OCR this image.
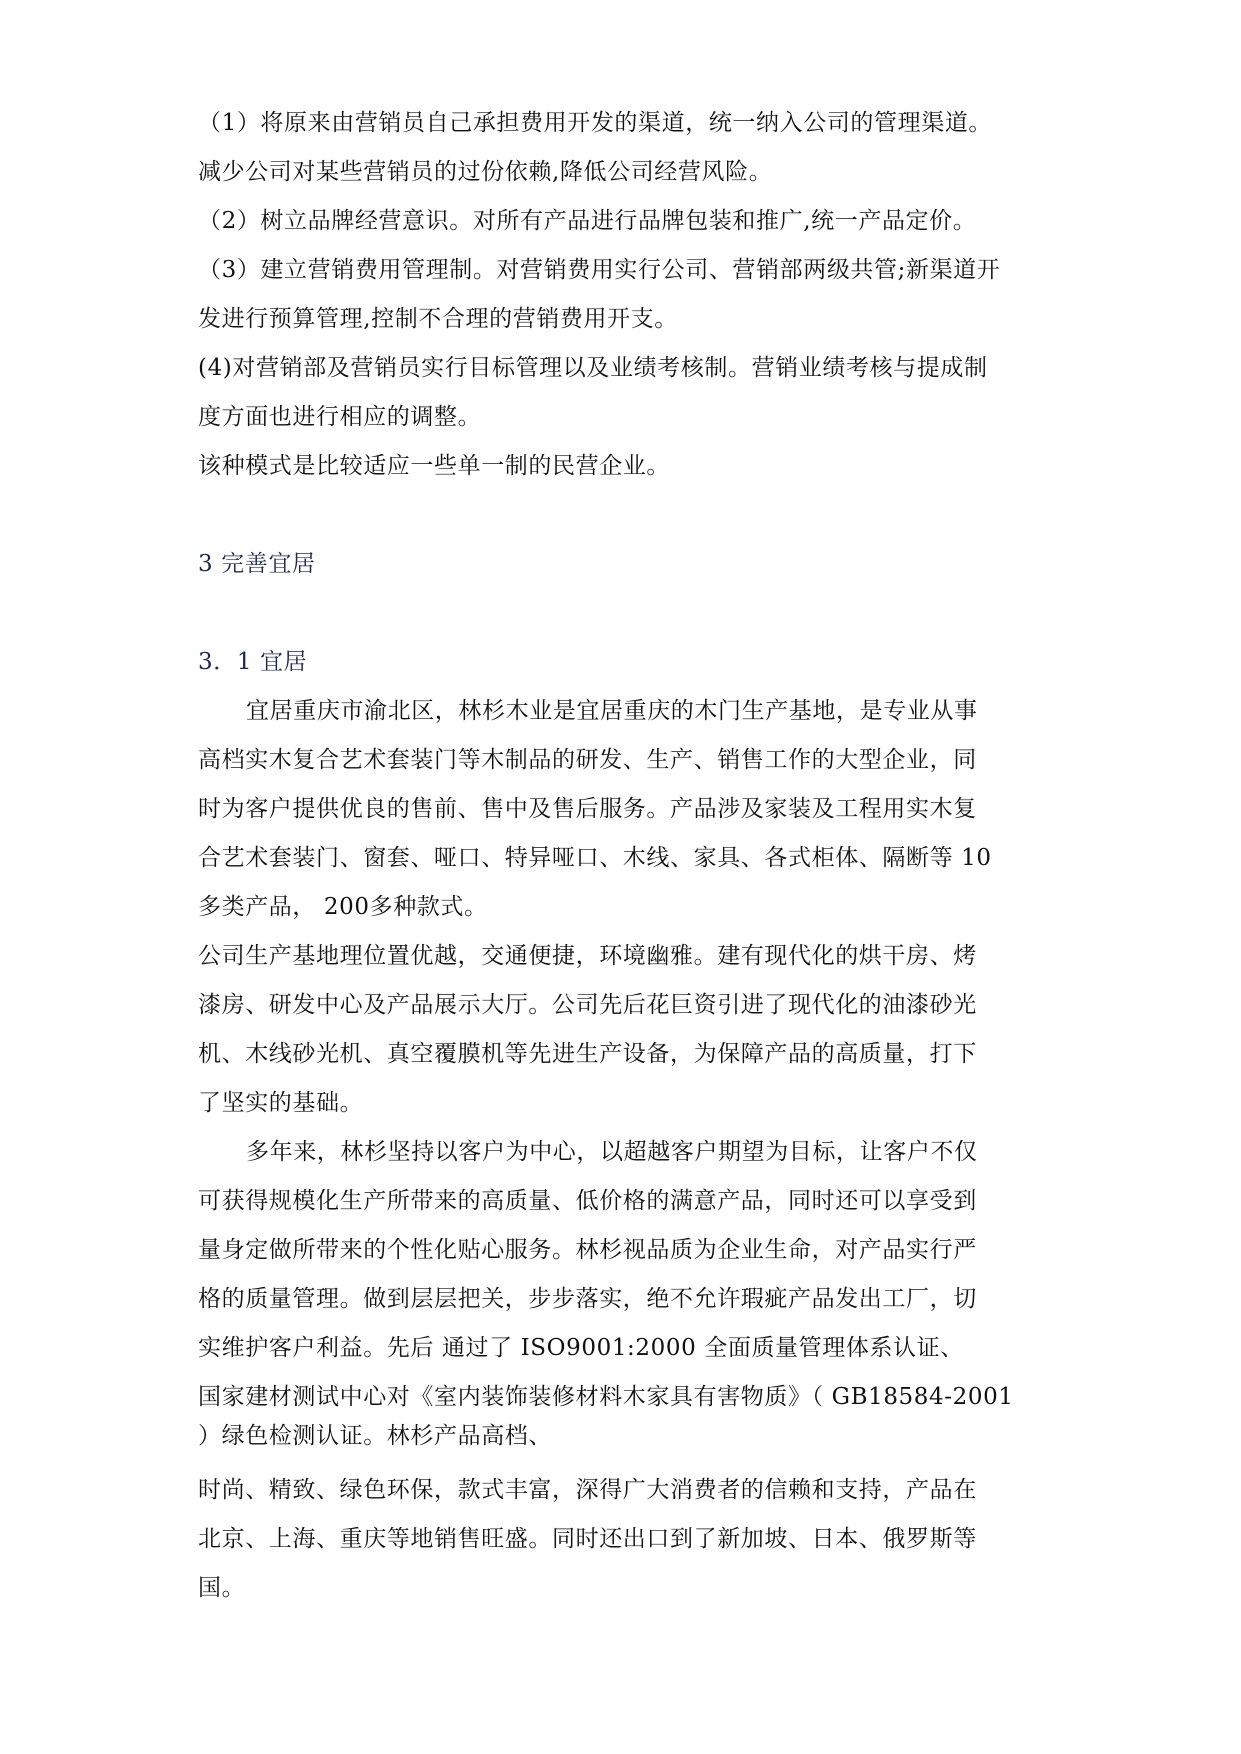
（1）将原来由营销员自己承担费用开发的渠道，统一纳入公司的管理渠道。
减少公司对某些营销员的过份依赖,降低公司经营风险。
（2）树立品牌经营意识。对所有产品进行品牌包装和推广,统一产品定价。
（3）建立营销费用管理制。对营销费用实行公司、营销部两级共管;新渠道开
发进行预算管理,控制不合理的营销费用开支。
(4)对营销部及营销员实行目标管理以及业绩考核制。营销业绩考核与提成制
度方面也进行相应的调整。
该种模式是比较适应一些单一制的民营企业。
3 完善宜居
3．1 宜居
宜居重庆市渝北区，林杉木业是宜居重庆的木门生产基地，是专业从事
高档实木复合艺术套装门等木制品的研发、生产、销售工作的大型企业，同
时为客户提供优良的售前、售中及售后服务。产品涉及家装及工程用实木复
合艺术套装门、窗套、哑口、特异哑口、木线、家具、各式柜体、隔断等 10
多类产品， 200多种款式。
公司生产基地理位置优越，交通便捷，环境幽雅。建有现代化的烘干房、烤
漆房、研发中心及产品展示大厅。公司先后花巨资引进了现代化的油漆砂光
机、木线砂光机、真空覆膜机等先进生产设备，为保障产品的高质量，打下
了坚实的基础。
多年来，林杉坚持以客户为中心，以超越客户期望为目标，让客户不仅
可获得规模化生产所带来的高质量、低价格的满意产品，同时还可以享受到
量身定做所带来的个性化贴心服务。林杉视品质为企业生命，对产品实行严
格的质量管理。做到层层把关，步步落实，绝不允许瑕疵产品发出工厂，切
实维护客户利益。先后 通过了 ISO9001:2000 全面质量管理体系认证、
国家建材测试中心对《室内装饰装修材料木家具有害物质》（ GB18584-2001
）绿色检测认证。林杉产品高档、
时尚、精致、绿色环保，款式丰富，深得广大消费者的信赖和支持，产品在
北京、上海、重庆等地销售旺盛。同时还出口到了新加坡、日本、俄罗斯等
国。
